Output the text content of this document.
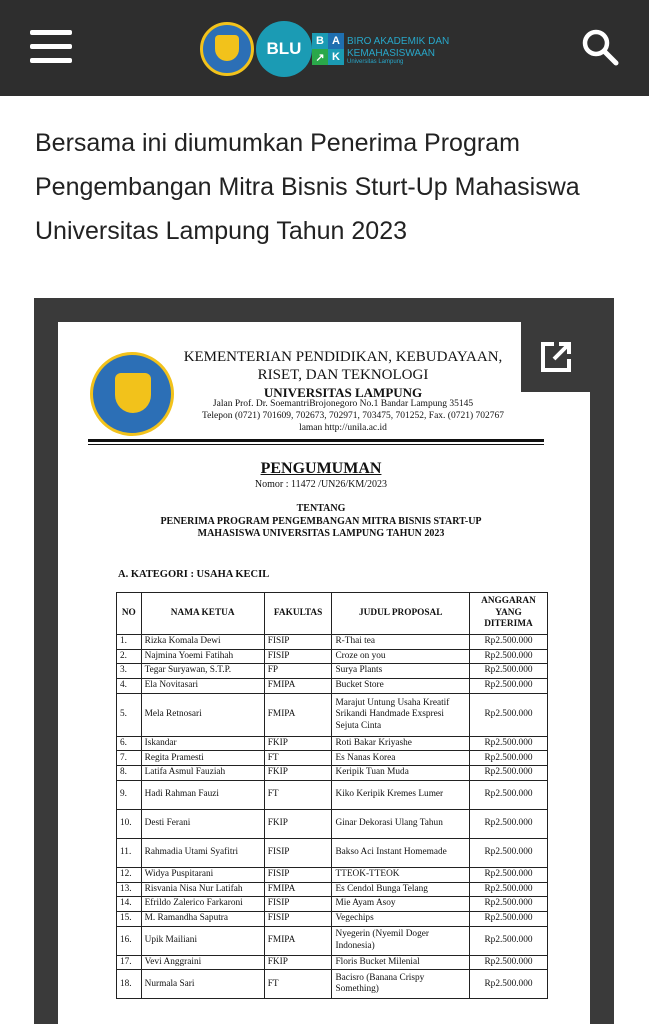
BLU	B A
↗ K
BIRO AKADEMIK DAN KEMAHASISWAAN
Universitas Lampung
Bersama ini diumumkan Penerima Program Pengembangan Mitra Bisnis Sturt-Up Mahasiswa Universitas Lampung Tahun 2023
KEMENTERIAN PENDIDIKAN, KEBUDAYAAN,
RISET, DAN TEKNOLOGI
UNIVERSITAS LAMPUNG
Jalan Prof. Dr. SoemantriBrojonegoro No.1 Bandar Lampung 35145
Telepon (0721) 701609, 702673, 702971, 703475, 701252, Fax. (0721) 702767
laman http://unila.ac.id
PENGUMUMAN
Nomor : 11472 /UN26/KM/2023
TENTANG
PENERIMA PROGRAM PENGEMBANGAN MITRA BISNIS START-UP
MAHASISWA UNIVERSITAS LAMPUNG TAHUN 2023
A. KATEGORI : USAHA KECIL
NO	NAMA KETUA	FAKULTAS	JUDUL PROPOSAL	ANGGARAN YANG DITERIMA
1.	Rizka Komala Dewi	FISIP	R-Thai tea	Rp2.500.000
2.	Najmina Yoemi Fatihah	FISIP	Croze on you	Rp2.500.000
3.	Tegar Suryawan, S.T.P.	FP	Surya Plants	Rp2.500.000
4.	Ela Novitasari	FMIPA	Bucket Store	Rp2.500.000
5.	Mela Retnosari	FMIPA	Marajut Untung Usaha Kreatif Srikandi Handmade Exspresi Sejuta Cinta	Rp2.500.000
6.	Iskandar	FKIP	Roti Bakar Kriyashe	Rp2.500.000
7.	Regita Pramesti	FT	Es Nanas Korea	Rp2.500.000
8.	Latifa Asmul Fauziah	FKIP	Keripik Tuan Muda	Rp2.500.000
9.	Hadi Rahman Fauzi	FT	Kiko Keripik Kremes Lumer	Rp2.500.000
10.	Desti Ferani	FKIP	Ginar Dekorasi Ulang Tahun	Rp2.500.000
11.	Rahmadia Utami Syafitri	FISIP	Bakso Aci Instant Homemade	Rp2.500.000
12.	Widya Puspitarani	FISIP	TTEOK-TTEOK	Rp2.500.000
13.	Risvania Nisa Nur Latifah	FMIPA	Es Cendol Bunga Telang	Rp2.500.000
14.	Efrildo Zalerico Farkaroni	FISIP	Mie Ayam Asoy	Rp2.500.000
15.	M. Ramandha Saputra	FISIP	Vegechips	Rp2.500.000
16.	Upik Mailiani	FMIPA	Nyegerin (Nyemil Doger Indonesia)	Rp2.500.000
17.	Vevi Anggraini	FKIP	Floris Bucket Milenial	Rp2.500.000
18.	Nurmala Sari	FT	Bacisro (Banana Crispy Something)	Rp2.500.000
